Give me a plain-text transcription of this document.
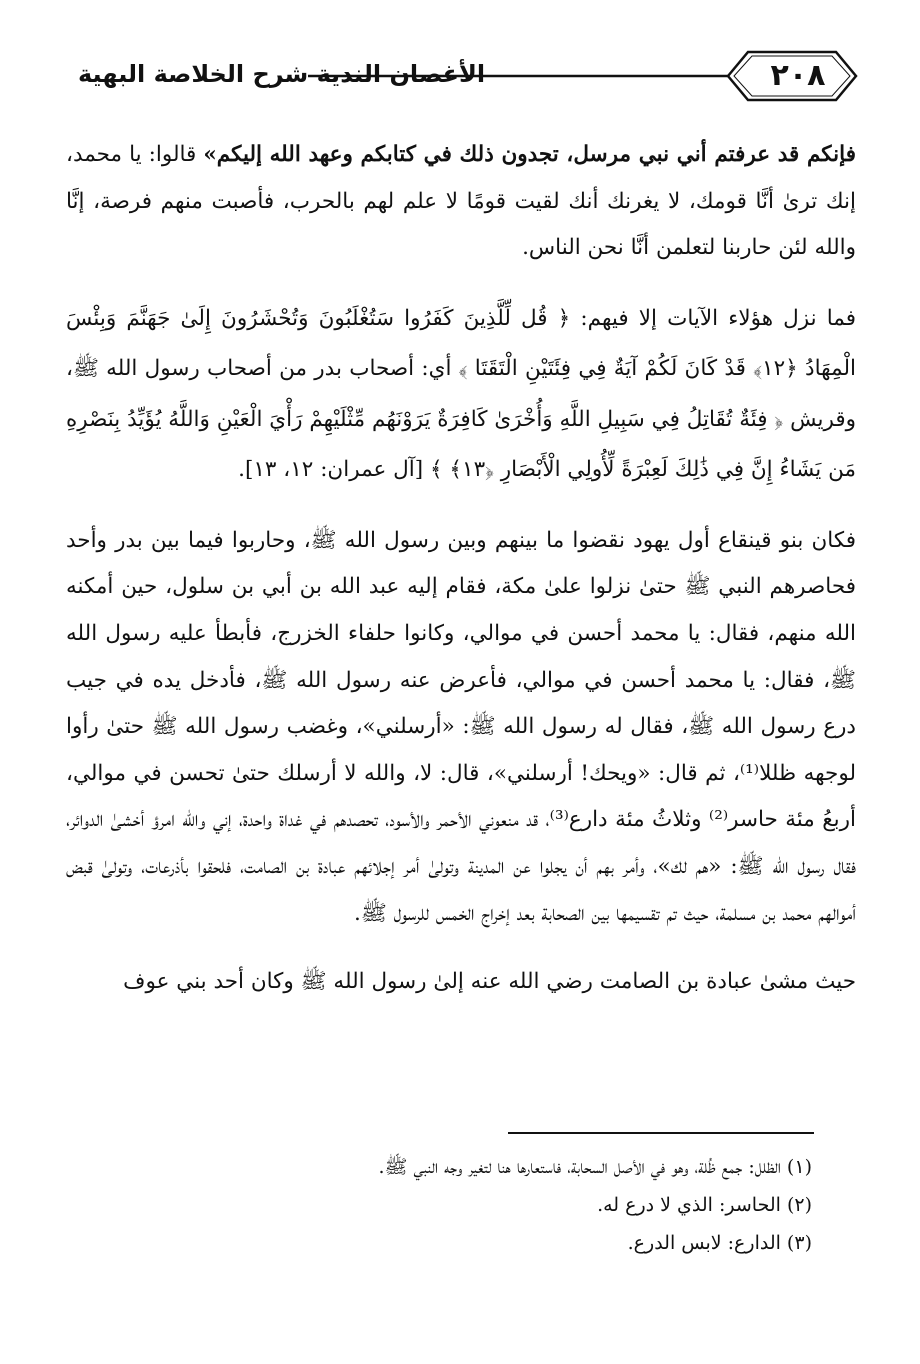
٢٠٨
الأغصان الندية شرح الخلاصة البهية

فإنكم قد عرفتم أني نبي مرسل، تجدون ذلك في كتابكم وعهد الله إليكم» قالوا: يا محمد، إنك ترىٰ أنَّا قومك، لا يغرنك أنك لقيت قومًا لا علم لهم بالحرب، فأصبت منهم فرصة، إنَّا والله لئن حاربنا لتعلمن أنَّا نحن الناس.

فما نزل هؤلاء الآيات إلا فيهم: ﴿ قُل لِّلَّذِينَ كَفَرُوا سَتُغْلَبُونَ وَتُحْشَرُونَ إِلَىٰ جَهَنَّمَ وَبِئْسَ الْمِهَادُ ﴿١٢﴾ قَدْ كَانَ لَكُمْ آيَةٌ فِي فِئَتَيْنِ الْتَقَتَا ﴾ أي: أصحاب بدر من أصحاب رسول الله ﷺ، وقريش ﴿ فِئَةٌ تُقَاتِلُ فِي سَبِيلِ اللَّهِ وَأُخْرَىٰ كَافِرَةٌ يَرَوْنَهُم مِّثْلَيْهِمْ رَأْيَ الْعَيْنِ وَاللَّهُ يُؤَيِّدُ بِنَصْرِهِ مَن يَشَاءُ إِنَّ فِي ذَٰلِكَ لَعِبْرَةً لِّأُولِي الْأَبْصَارِ ﴿١٣﴾ ﴾ [آل عمران: ١٢، ١٣].

فكان بنو قينقاع أول يهود نقضوا ما بينهم وبين رسول الله ﷺ، وحاربوا فيما بين بدر وأحد فحاصرهم النبي ﷺ حتىٰ نزلوا علىٰ مكة، فقام إليه عبد الله بن أبي بن سلول، حين أمكنه الله منهم، فقال: يا محمد أحسن في موالي، وكانوا حلفاء الخزرج، فأبطأ عليه رسول الله ﷺ، فقال: يا محمد أحسن في موالي، فأعرض عنه رسول الله ﷺ، فأدخل يده في جيب درع رسول الله ﷺ، فقال له رسول الله ﷺ: «أرسلني»، وغضب رسول الله ﷺ حتىٰ رأوا لوجهه ظللا⁽¹⁾، ثم قال: «ويحك! أرسلني»، قال: لا، والله لا أرسلك حتىٰ تحسن في موالي، أربعُ مئة حاسر⁽²⁾ وثلاثُ مئة دارع⁽³⁾، قد منعوني الأحمر والأسود، تحصدهم في غداة واحدة، إني والله امرؤ أخشىٰ الدوائر، فقال رسول الله ﷺ: «هم لك»، وأمر بهم أن يجلوا عن المدينة وتولىٰ أمر إجلائهم عبادة بن الصامت، فلحقوا بأذرعات، وتولىٰ قبض أموالهم محمد بن مسلمة، حيث تم تقسيمها بين الصحابة بعد إخراج الخمس للرسول ﷺ.

حيث مشىٰ عبادة بن الصامت رضي الله عنه إلىٰ رسول الله ﷺ وكان أحد بني عوف

(١) الظلل: جمع ظُلة، وهو في الأصل السحابة، فاستعارها هنا لتغير وجه النبي ﷺ.

(٢) الحاسر: الذي لا درع له.

(٣) الدارع: لابس الدرع.
